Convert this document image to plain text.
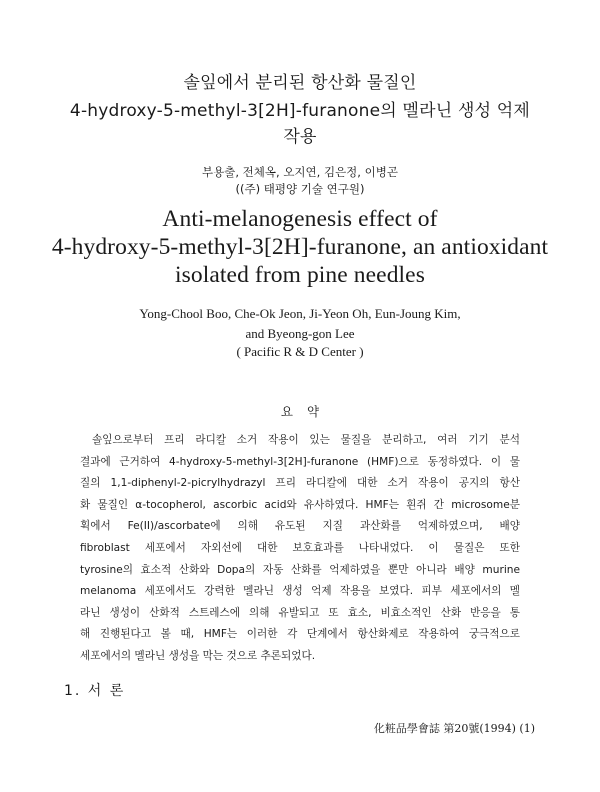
솔잎에서 분리된 항산화 물질인
4-hydroxy-5-methyl-3[2H]-furanone의 멜라닌 생성 억제
작용
부용출, 전체옥, 오지연, 김은정, 이병곤
((주) 태평양 기술 연구원)
Anti-melanogenesis effect of
4-hydroxy-5-methyl-3[2H]-furanone, an antioxidant
isolated from pine needles
Yong-Chool Boo, Che-Ok Jeon, Ji-Yeon Oh, Eun-Joung Kim,
and Byeong-gon Lee
( Pacific R & D Center )
요약
솔잎으로부터 프리 라디칼 소거 작용이 있는 물질을 분리하고, 여러 기기 분석
결과에 근거하여 4-hydroxy-5-methyl-3[2H]-furanone (HMF)으로 동정하였다. 이 물
질의 1,1-diphenyl-2-picrylhydrazyl 프리 라디칼에 대한 소거 작용이 공지의 항산
화 물질인 α-tocopherol, ascorbic acid와 유사하였다. HMF는 흰쥐 간 microsome분
획에서 Fe(II)/ascorbate에 의해 유도된 지질 과산화를 억제하였으며, 배양
fibroblast 세포에서 자외선에 대한 보호효과를 나타내었다. 이 물질은 또한
tyrosine의 효소적 산화와 Dopa의 자동 산화를 억제하였을 뿐만 아니라 배양 murine
melanoma 세포에서도 강력한 멜라닌 생성 억제 작용을 보였다. 피부 세포에서의 멜
라닌 생성이 산화적 스트레스에 의해 유발되고 또 효소, 비효소적인 산화 반응을 통
해 진행된다고 볼 때, HMF는 이러한 각 단계에서 항산화제로 작용하여 궁극적으로
세포에서의 멜라닌 생성을 막는 것으로 추론되었다.
1. 서 론
化粧品學會誌 第20號(1994) (1)
